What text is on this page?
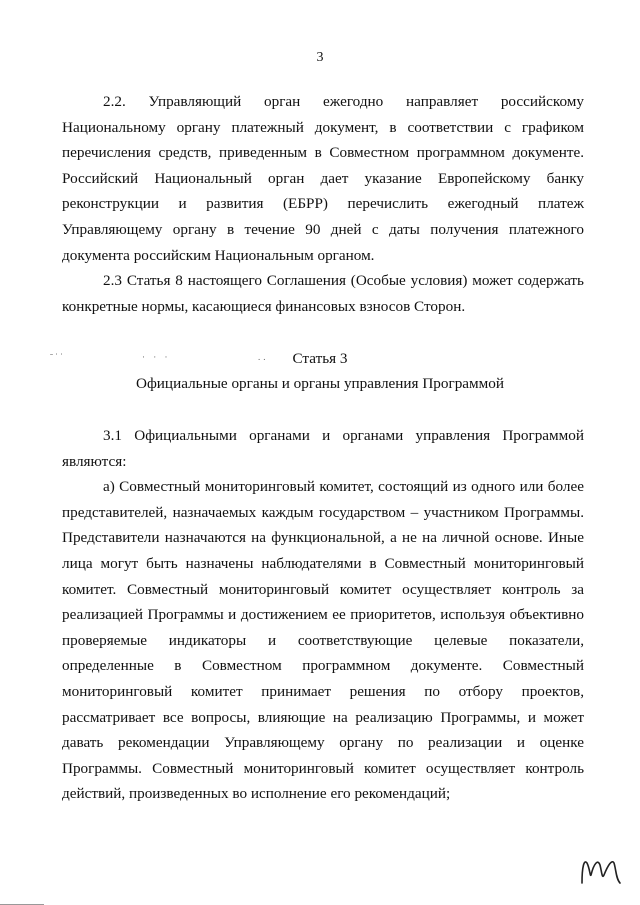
3

2.2. Управляющий орган ежегодно направляет российскому Национальному органу платежный документ, в соответствии с графиком перечисления средств, приведенным в Совместном программном документе. Российский Национальный орган дает указание Европейскому банку реконструкции и развития (ЕБРР) перечислить ежегодный платеж Управляющему органу в течение 90 дней с даты получения платежного документа российским Национальным органом.

2.3 Статья 8 настоящего Соглашения (Особые условия) может содержать конкретные нормы, касающиеся финансовых взносов Сторон.

ˉ˙˙	· · ·	..	Статья 3
Официальные органы и органы управления Программой

3.1 Официальными органами и органами управления Программой являются:

а) Совместный мониторинговый комитет, состоящий из одного или более представителей, назначаемых каждым государством – участником Программы. Представители назначаются на функциональной, а не на личной основе. Иные лица могут быть назначены наблюдателями в Совместный мониторинговый комитет. Совместный мониторинговый комитет осуществляет контроль за реализацией Программы и достижением ее приоритетов, используя объективно проверяемые индикаторы и соответствующие целевые показатели, определенные в Совместном программном документе. Совместный мониторинговый комитет принимает решения по отбору проектов, рассматривает все вопросы, влияющие на реализацию Программы, и может давать рекомендации Управляющему органу по реализации и оценке Программы. Совместный мониторинговый комитет осуществляет контроль действий, произведенных во исполнение его рекомендаций;
